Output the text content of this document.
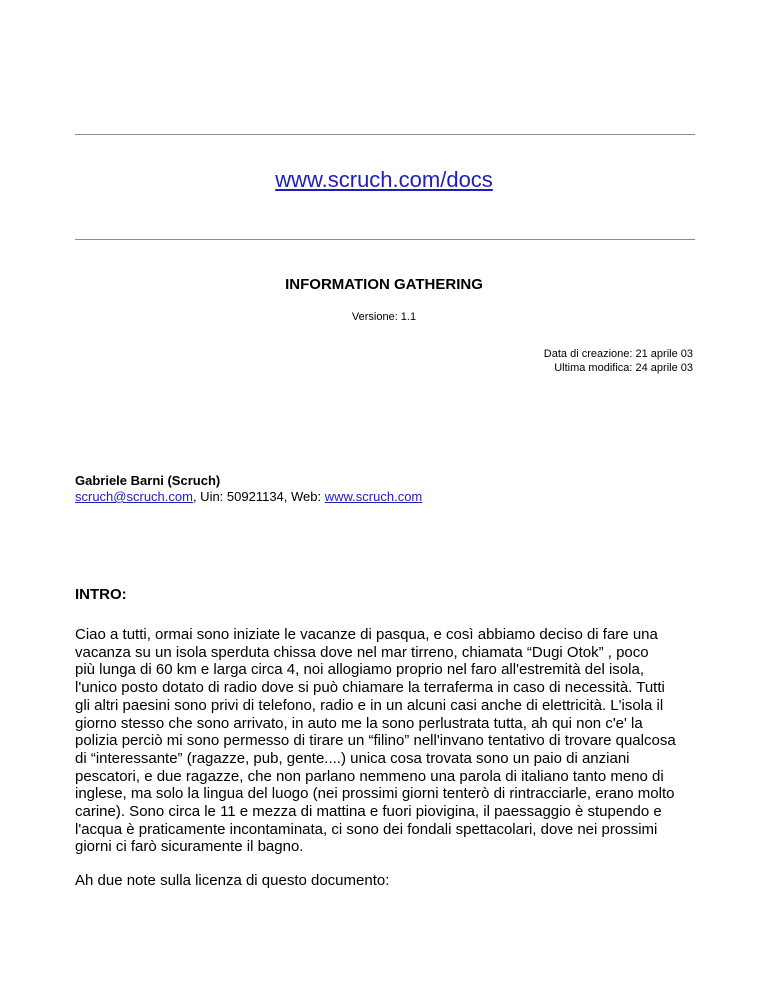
www.scruch.com/docs
INFORMATION GATHERING
Versione: 1.1
Data di creazione: 21 aprile 03
Ultima modifica: 24 aprile 03
Gabriele Barni (Scruch)
scruch@scruch.com, Uin: 50921134, Web: www.scruch.com
INTRO:

Ciao a tutti, ormai sono iniziate le vacanze di pasqua, e così abbiamo deciso di fare una
vacanza su un isola sperduta chissa dove nel mar tirreno, chiamata “Dugi Otok” , poco
più lunga di 60 km e larga circa 4, noi allogiamo proprio nel faro all'estremità del isola,
l'unico posto dotato di radio dove si può chiamare la terraferma in caso di necessità. Tutti
gli altri paesini sono privi di telefono, radio e in un alcuni casi anche di elettricità. L'isola il
giorno stesso che sono arrivato, in auto me la sono perlustrata tutta, ah qui non c'e' la
polizia perciò mi sono permesso di tirare un “filino” nell'invano tentativo di trovare qualcosa
di “interessante” (ragazze, pub, gente....) unica cosa trovata sono un paio di anziani
pescatori, e due ragazze, che non parlano nemmeno una parola di italiano tanto meno di
inglese, ma solo la lingua del luogo (nei prossimi giorni tenterò di rintracciarle, erano molto
carine). Sono circa le 11 e mezza di mattina e fuori piovigina, il paessaggio è stupendo e
l'acqua è praticamente incontaminata, ci sono dei fondali spettacolari, dove nei prossimi
giorni ci farò sicuramente il bagno.

Ah due note sulla licenza di questo documento:
